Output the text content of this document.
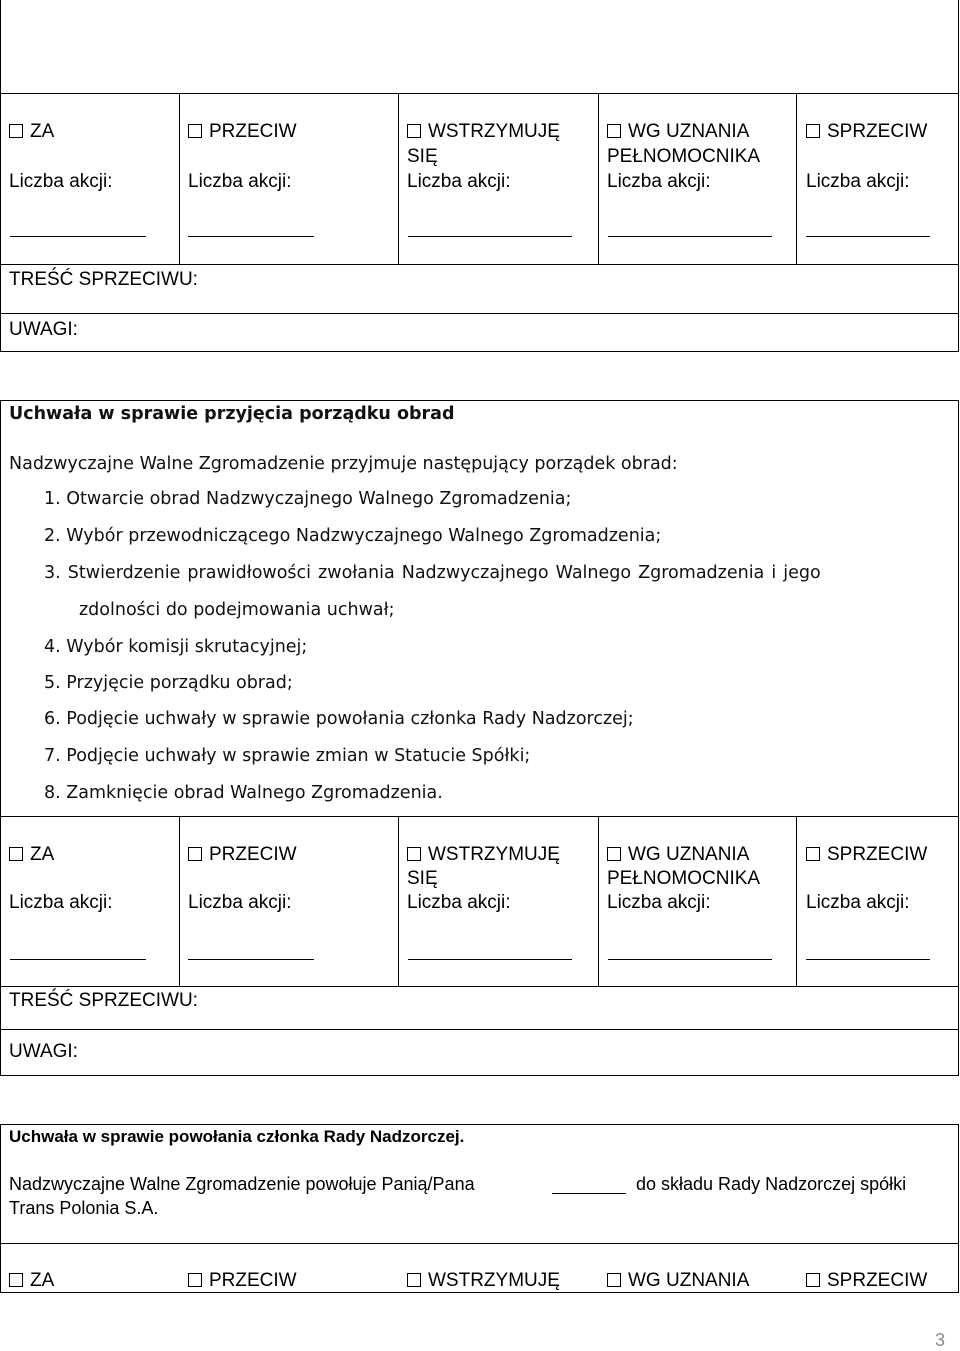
ZA
Liczba akcji:
PRZECIW
Liczba akcji:
WSTRZYMUJĘ
SIĘ
Liczba akcji:
WG UZNANIA
PEŁNOMOCNIKA
Liczba akcji:
SPRZECIW
Liczba akcji:
TREŚĆ SPRZECIWU:
UWAGI:
Uchwała w sprawie przyjęcia porządku obrad
Nadzwyczajne Walne Zgromadzenie przyjmuje następujący porządek obrad:
1. Otwarcie obrad Nadzwyczajnego Walnego Zgromadzenia;
2. Wybór przewodniczącego Nadzwyczajnego Walnego Zgromadzenia;
3. Stwierdzenie prawidłowości zwołania Nadzwyczajnego Walnego Zgromadzenia i jego
zdolności do podejmowania uchwał;
4. Wybór komisji skrutacyjnej;
5. Przyjęcie porządku obrad;
6. Podjęcie uchwały w sprawie powołania członka Rady Nadzorczej;
7. Podjęcie uchwały w sprawie zmian w Statucie Spółki;
8. Zamknięcie obrad Walnego Zgromadzenia.
ZA
Liczba akcji:
PRZECIW
Liczba akcji:
WSTRZYMUJĘ
SIĘ
Liczba akcji:
WG UZNANIA
PEŁNOMOCNIKA
Liczba akcji:
SPRZECIW
Liczba akcji:
TREŚĆ SPRZECIWU:
UWAGI:
Uchwała w sprawie powołania członka Rady Nadzorczej.
Nadzwyczajne Walne Zgromadzenie powołuje Panią/Pana	do składu Rady Nadzorczej spółki
Trans Polonia S.A.
ZA	PRZECIW	WSTRZYMUJĘ	WG UZNANIA	SPRZECIW
3
